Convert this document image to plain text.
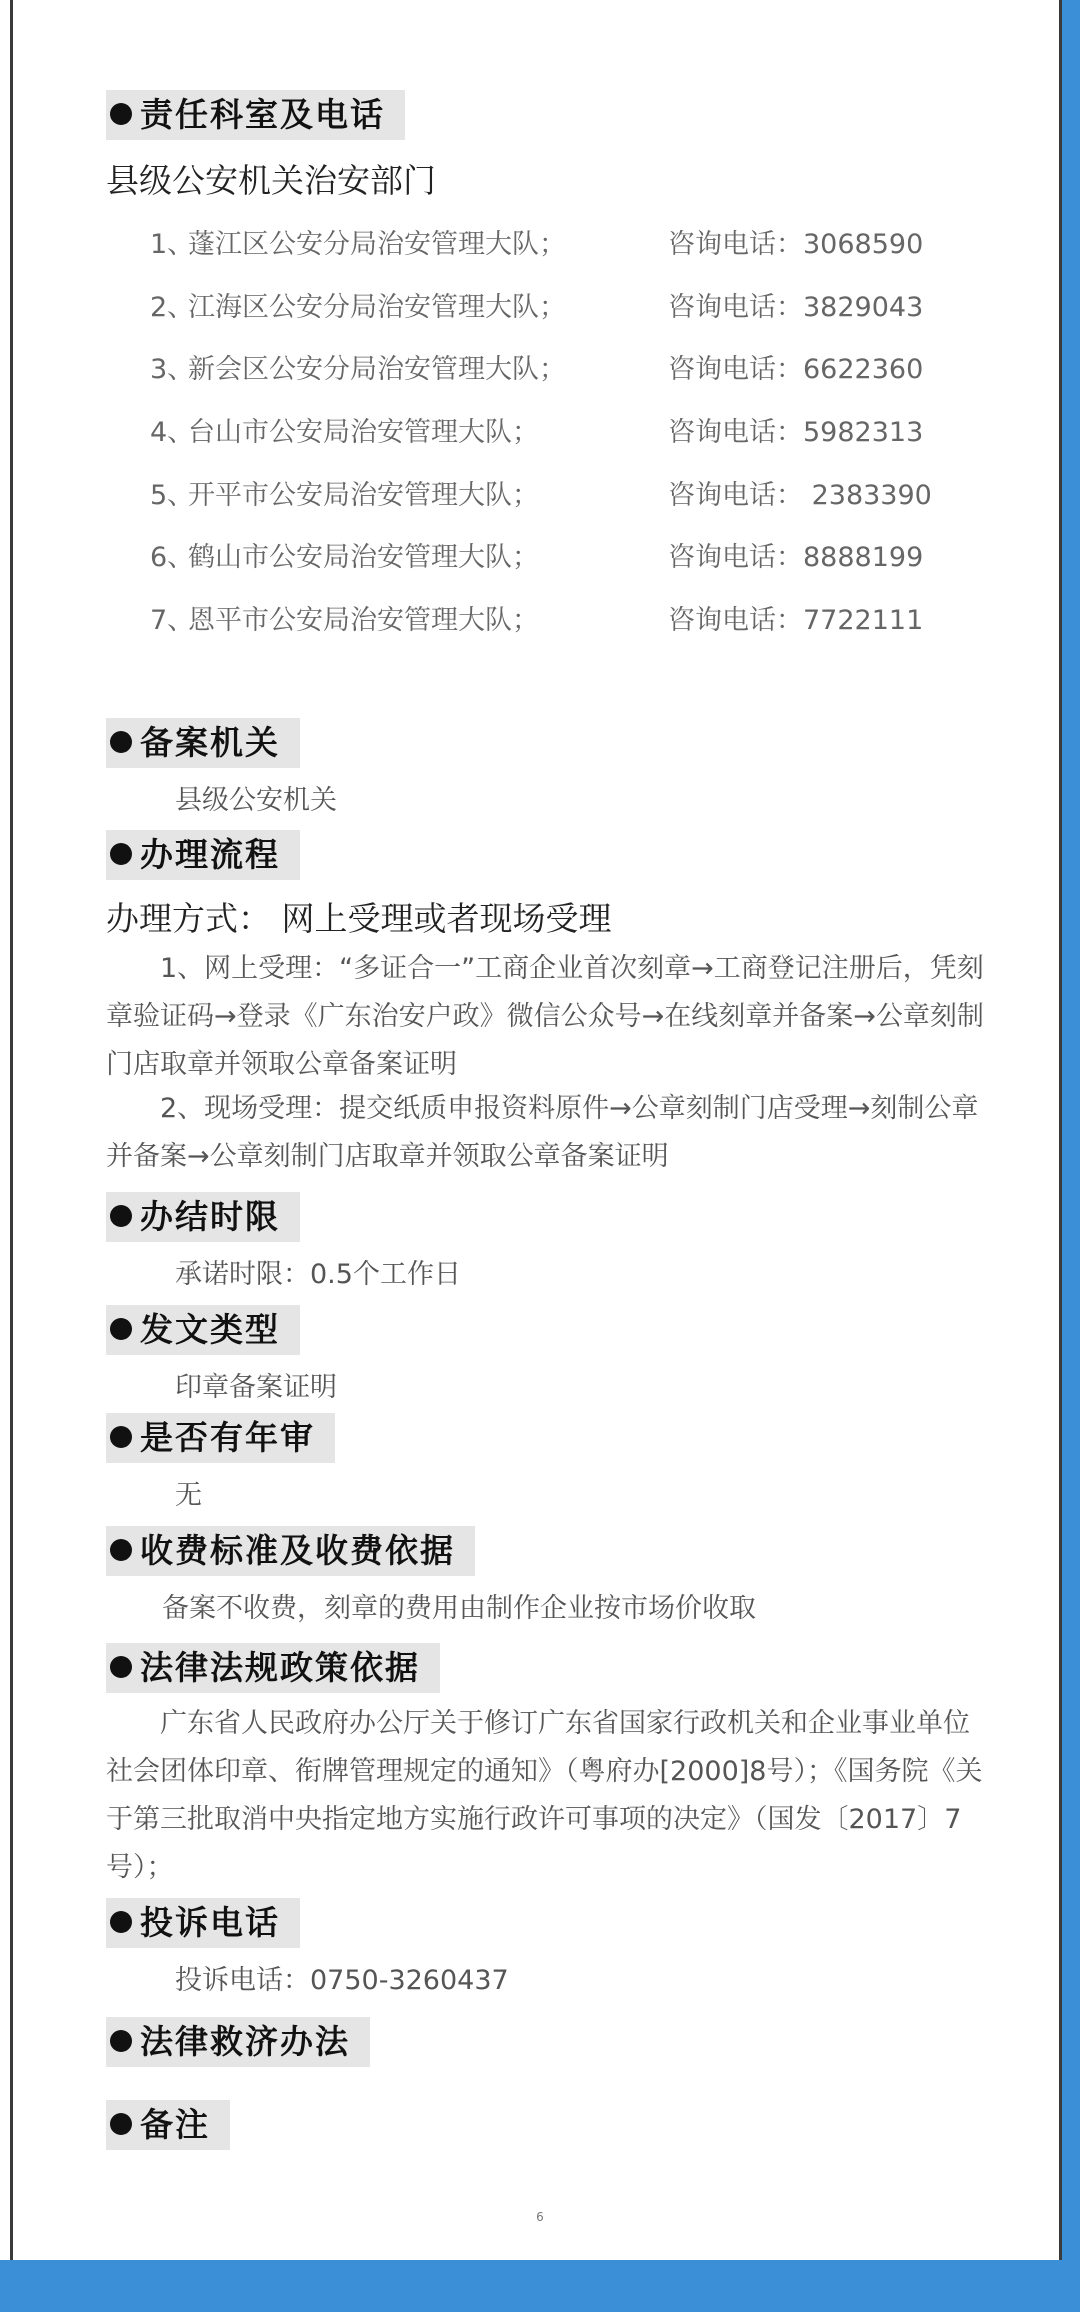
责任科室及电话
县级公安机关治安部门
1、蓬江区公安分局治安管理大队；	咨询电话：3068590
2、江海区公安分局治安管理大队；	咨询电话：3829043
3、新会区公安分局治安管理大队；	咨询电话：6622360
4、台山市公安局治安管理大队；	咨询电话：5982313
5、开平市公安局治安管理大队；	咨询电话： 2383390
6、鹤山市公安局治安管理大队；	咨询电话：8888199
7、恩平市公安局治安管理大队；	咨询电话：7722111
备案机关
县级公安机关
办理流程
办理方式： 网上受理或者现场受理
1、网上受理：“多证合一”工商企业首次刻章→工商登记注册后，凭刻章验证码→登录《广东治安户政》微信公众号→在线刻章并备案→公章刻制门店取章并领取公章备案证明
2、现场受理：提交纸质申报资料原件→公章刻制门店受理→刻制公章并备案→公章刻制门店取章并领取公章备案证明
办结时限
承诺时限：0.5个工作日
发文类型
印章备案证明
是否有年审
无
收费标准及收费依据
备案不收费，刻章的费用由制作企业按市场价收取
法律法规政策依据
广东省人民政府办公厅关于修订广东省国家行政机关和企业事业单位社会团体印章、衔牌管理规定的通知》（粤府办[2000]8号）；《国务院《关于第三批取消中央指定地方实施行政许可事项的决定》（国发〔2017〕7号）；
投诉电话
投诉电话：0750-3260437
法律救济办法
备注
6
